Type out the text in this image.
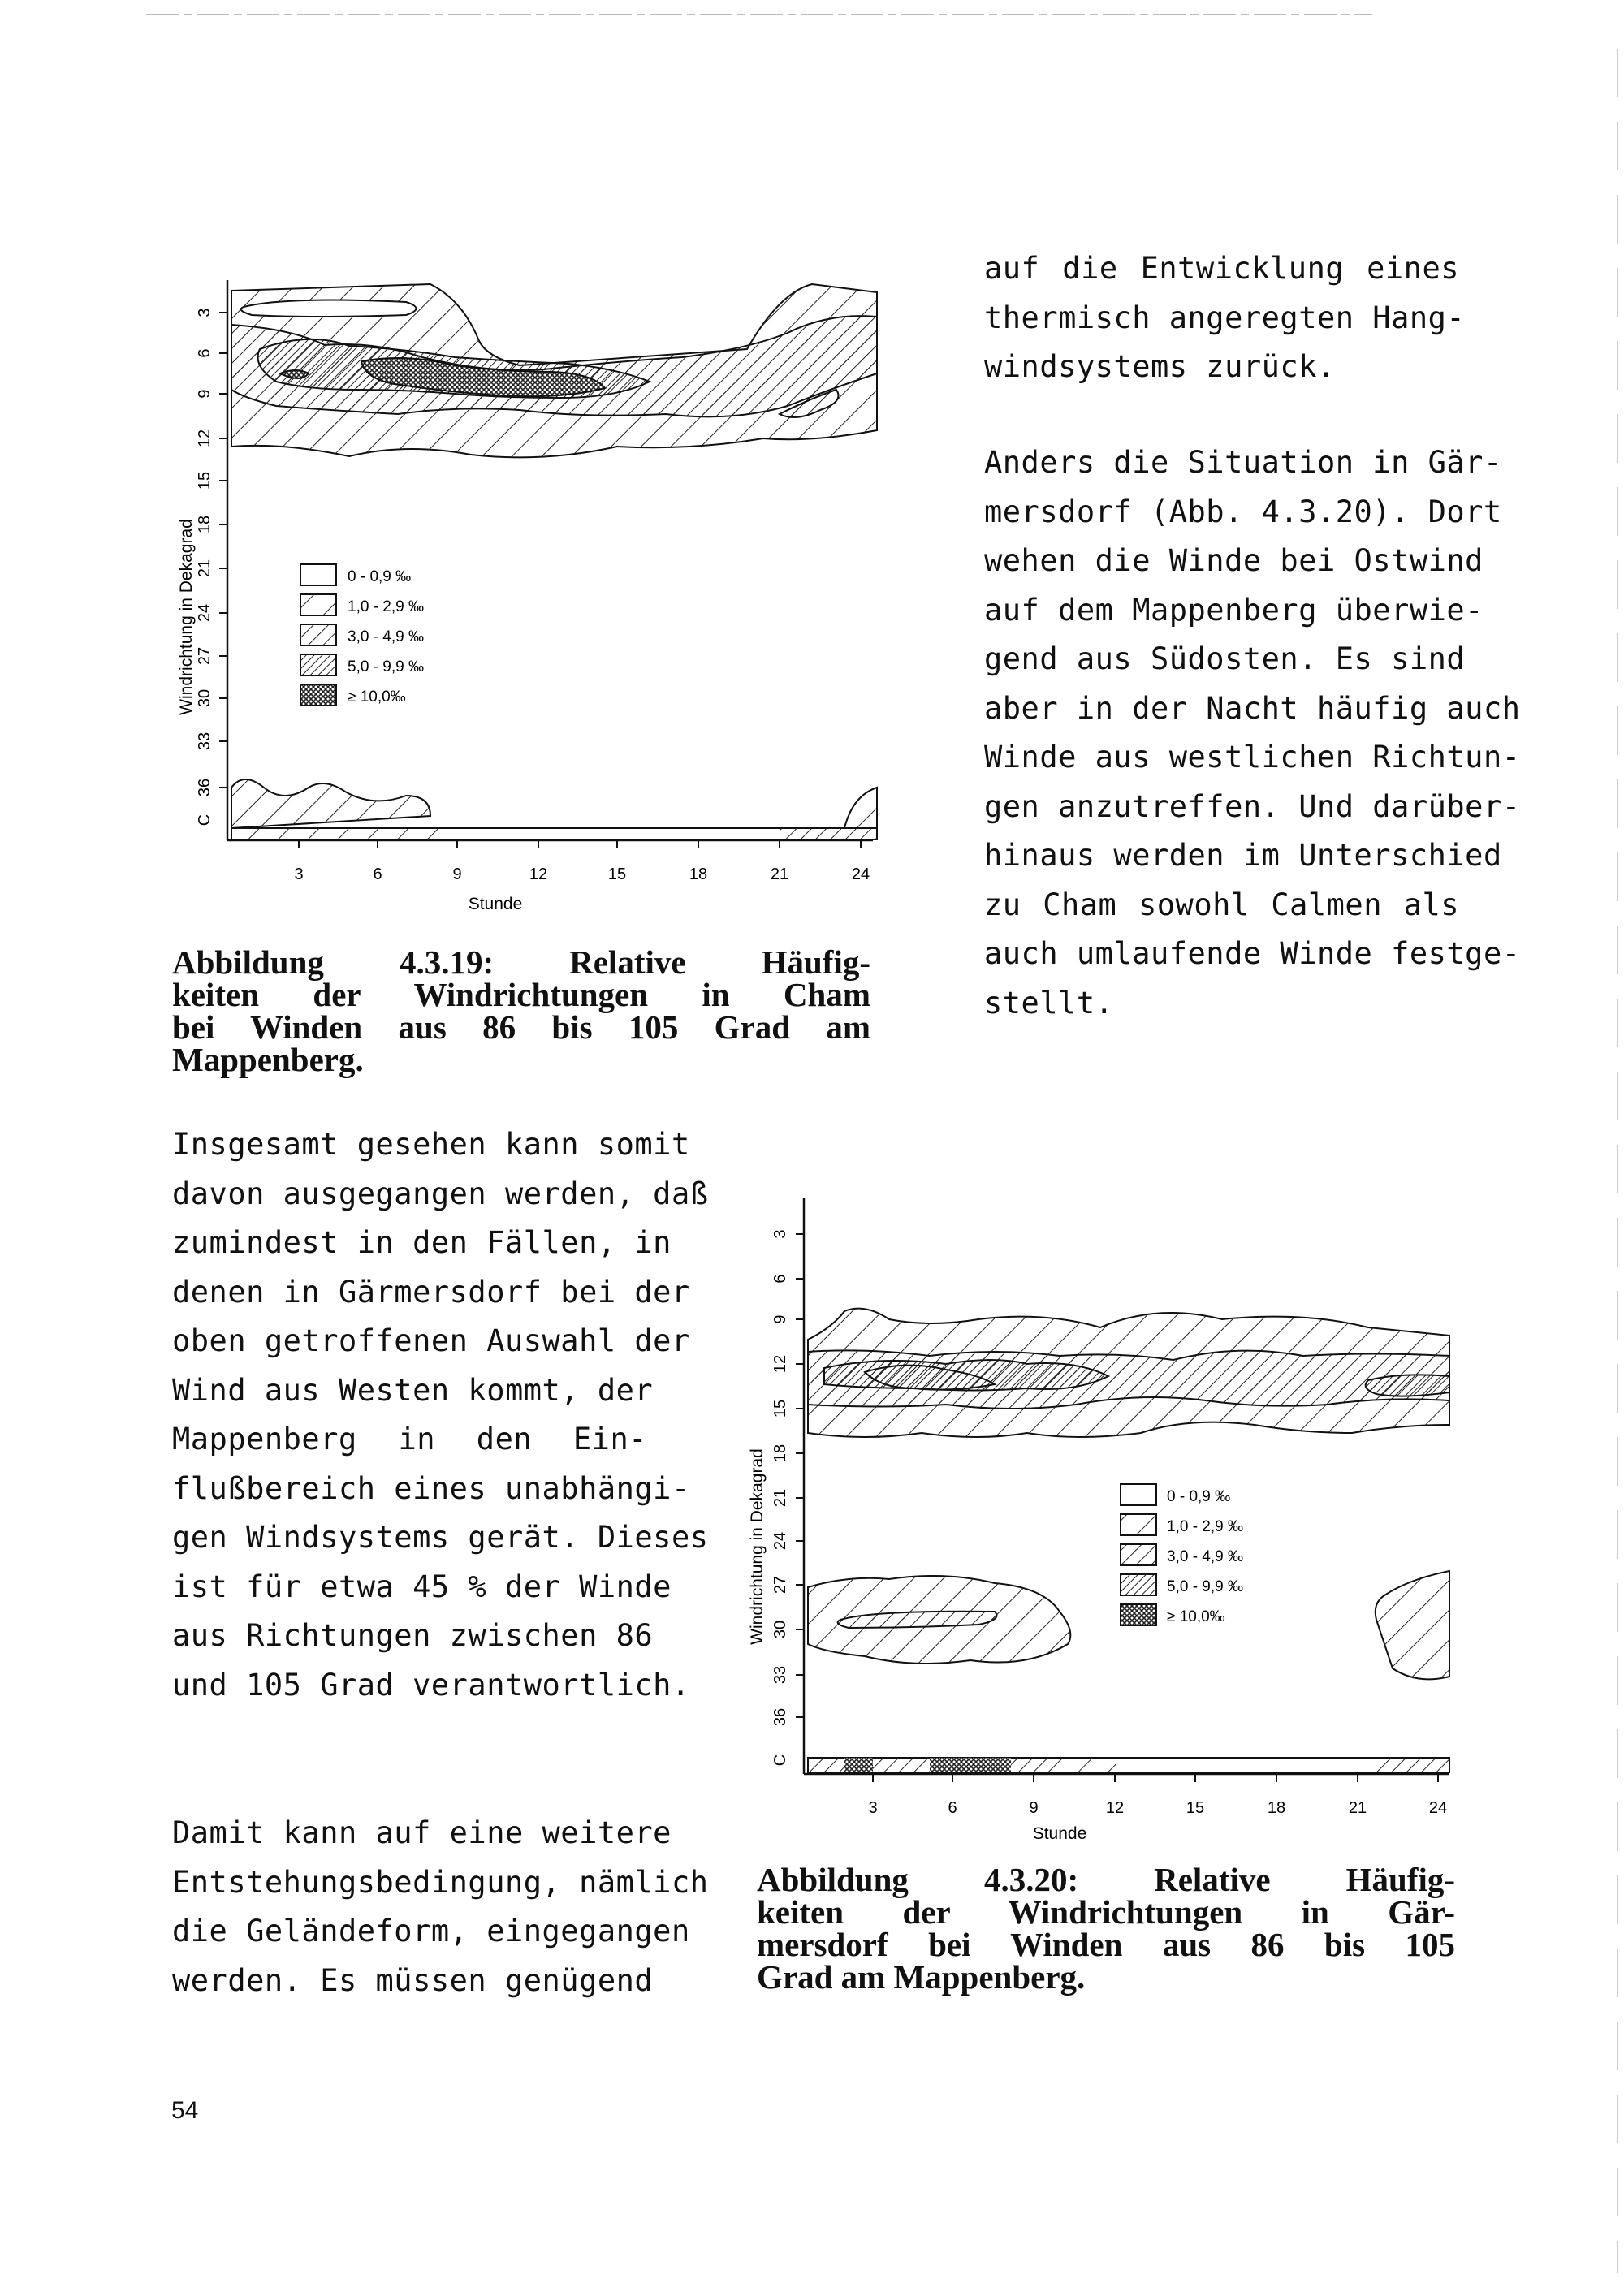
auf die Entwicklung eines
thermisch angeregten Hang-
windsystems zurück.
Anders die Situation in Gär-
mersdorf (Abb. 4.3.20). Dort
wehen die Winde bei Ostwind
auf dem Mappenberg überwie-
gend aus Südosten. Es sind
aber in der Nacht häufig auch
Winde aus westlichen Richtun-
gen anzutreffen. Und darüber-
hinaus werden im Unterschied
zu Cham sowohl Calmen als
auch umlaufende Winde festge-
stellt.
3
6
9
12
15
18
21
24
27
30
33
36
C
Windrichtung in Dekagrad
3	6	9	12	15	18	21	24
Stunde
0 - 0,9 ‰
1,0 - 2,9 ‰
3,0 - 4,9 ‰
5,0 - 9,9 ‰
≥ 10,0‰
Abbildung 4.3.19: Relative Häufig-
keiten der Windrichtungen in Cham
bei Winden aus 86 bis 105 Grad am
Mappenberg.
Insgesamt gesehen kann somit
davon ausgegangen werden, daß
zumindest in den Fällen, in
denen in Gärmersdorf bei der
oben getroffenen Auswahl der
Wind aus Westen kommt, der
Mappenberg in den Ein-
flußbereich eines unabhängi-
gen Windsystems gerät. Dieses
ist für etwa 45 % der Winde
aus Richtungen zwischen 86
und 105 Grad verantwortlich.
Damit kann auf eine weitere
Entstehungsbedingung, nämlich
die Geländeform, eingegangen
werden. Es müssen genügend
3
6
9
12
15
18
21
24
27
30
33
36
C
Windrichtung in Dekagrad
3	6	9	12	15	18	21	24
Stunde
0 - 0,9 ‰
1,0 - 2,9 ‰
3,0 - 4,9 ‰
5,0 - 9,9 ‰
≥ 10,0‰
Abbildung 4.3.20: Relative Häufig-
keiten der Windrichtungen in Gär-
mersdorf bei Winden aus 86 bis 105
Grad am Mappenberg.
54
